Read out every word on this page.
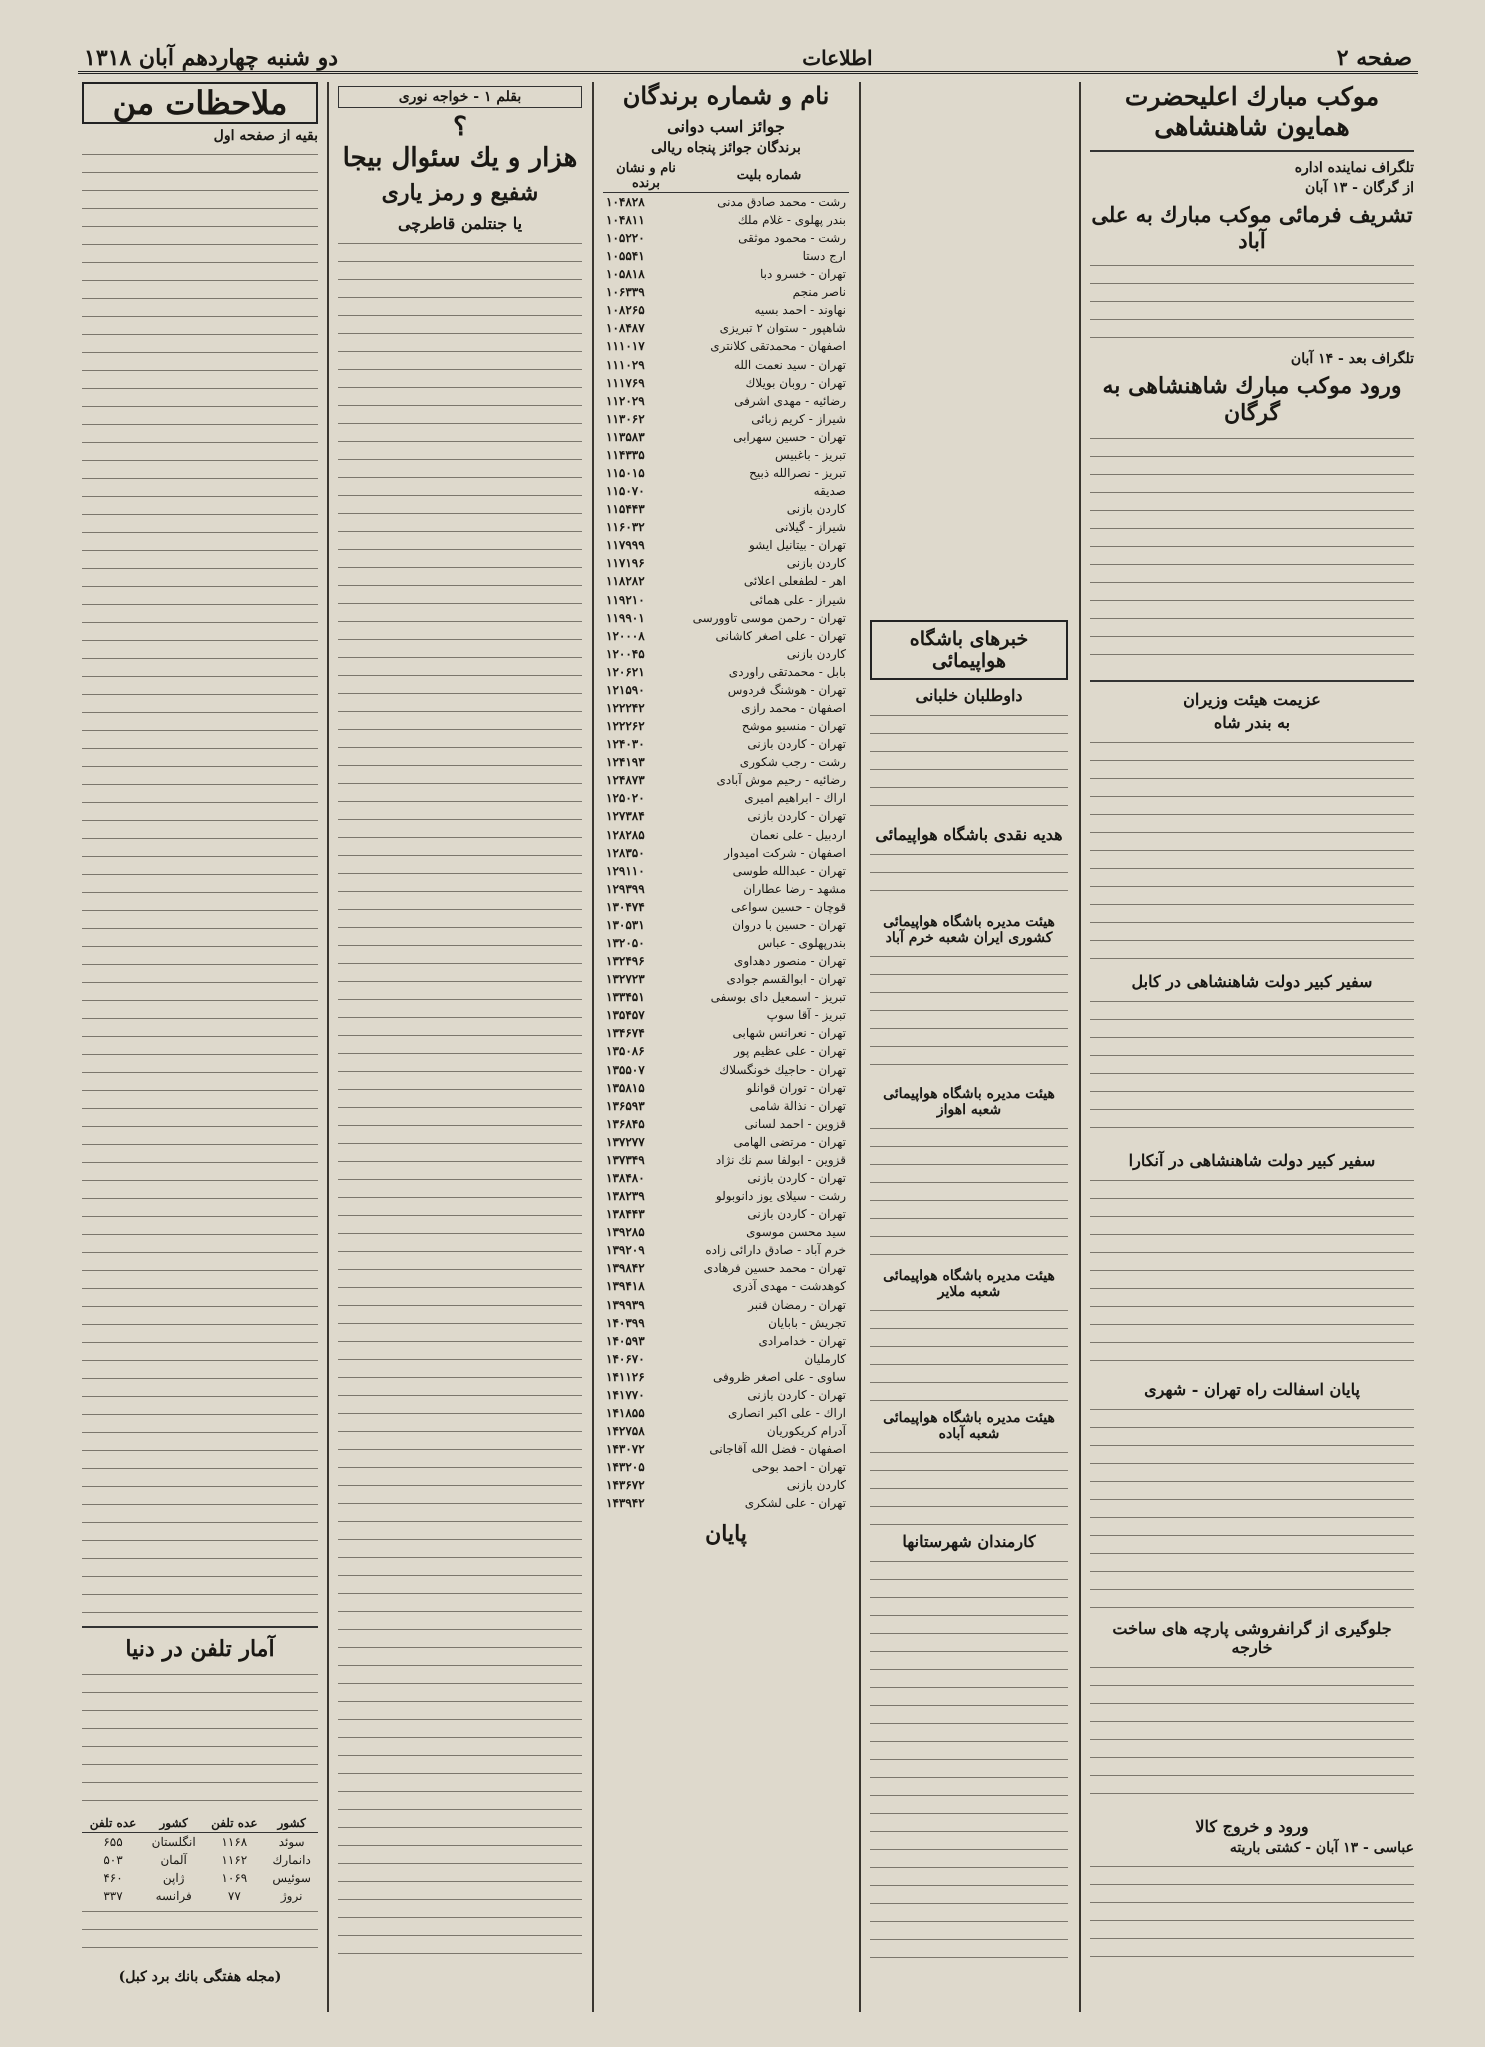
صفحه ۲
اطلاعات
دو شنبه چهاردهم آبان ۱۳۱۸
موکب مبارك اعليحضرت همايون شاهنشاهى
تلگراف نماينده اداره
از گرگان - ۱۳ آبان
تشريف فرمائى موكب مبارك به على آباد
تلگراف بعد - ۱۴ آبان
ورود موكب مبارك شاهنشاهى به گرگان
عزيمت هيئت وزيران
به بندر شاه
سفير كبير دولت شاهنشاهى در كابل
سفير كبير دولت شاهنشاهى در آنكارا
پايان اسفالت راه تهران - شهرى
جلوگيرى از گرانفروشى پارچه هاى ساخت خارجه
ورود و خروج كالا
عباسى - ۱۳ آبان - كشتى باريته
خبرهاى باشگاه هواپيمائى
داوطلبان خلبانى
هديه نقدى باشگاه هواپيمائى
هيئت مديره باشگاه هواپيمائى كشورى ايران شعبه خرم آباد
هيئت مديره باشگاه هواپيمائى شعبه اهواز
هيئت مديره باشگاه هواپيمائى شعبه ملاير
هيئت مديره باشگاه هواپيمائى شعبه آباده
كارمندان شهرستانها
نام و شماره برندگان
جوائز اسب دوانى
برندگان جوائز پنجاه ريالى
شماره بليت	نام و نشان برنده
رشت - محمد صادق مدنى	۱۰۴۸۲۸
بندر پهلوى - غلام ملك	۱۰۴۸۱۱
رشت - محمود موثقى	۱۰۵۲۲۰
ارج دستا	۱۰۵۵۴۱
تهران - خسرو دبا	۱۰۵۸۱۸
ناصر منجم	۱۰۶۳۳۹
نهاوند - احمد بسيه	۱۰۸۲۶۵
شاهپور - ستوان ۲ تبريزى	۱۰۸۴۸۷
اصفهان - محمدتقى كلانترى	۱۱۱۰۱۷
تهران - سيد نعمت الله	۱۱۱۰۲۹
تهران - روبان بويلاك	۱۱۱۷۶۹
رضائيه - مهدى اشرفى	۱۱۲۰۲۹
شيراز - كريم زبائى	۱۱۳۰۶۲
تهران - حسين سهرابى	۱۱۳۵۸۳
تبريز - باغبيس	۱۱۴۳۳۵
تبريز - نصرالله ذبيح	۱۱۵۰۱۵
صديقه	۱۱۵۰۷۰
كاردن بازنى	۱۱۵۴۴۳
شيراز - گيلانى	۱۱۶۰۳۲
تهران - بيتانيل ايشو	۱۱۷۹۹۹
كاردن بازنى	۱۱۷۱۹۶
اهر - لطفعلى اعلائى	۱۱۸۲۸۲
شيراز - على همائى	۱۱۹۲۱۰
تهران - رحمن موسى تاوورسى	۱۱۹۹۰۱
تهران - على اصغر كاشانى	۱۲۰۰۰۸
كاردن بازنى	۱۲۰۰۴۵
بابل - محمدتقى راوردى	۱۲۰۶۲۱
تهران - هوشنگ فردوس	۱۲۱۵۹۰
اصفهان - محمد رازى	۱۲۲۲۴۲
تهران - منسيو موشح	۱۲۲۲۶۲
تهران - كاردن بازنى	۱۲۴۰۳۰
رشت - رجب شكورى	۱۲۴۱۹۳
رضائيه - رحيم موش آبادى	۱۲۴۸۷۳
اراك - ابراهيم اميرى	۱۲۵۰۲۰
تهران - كاردن بازنى	۱۲۷۳۸۴
اردبيل - على نعمان	۱۲۸۲۸۵
اصفهان - شركت اميدوار	۱۲۸۳۵۰
تهران - عبدالله طوسى	۱۲۹۱۱۰
مشهد - رضا عطاران	۱۲۹۳۹۹
قوچان - حسين سواعى	۱۳۰۴۷۴
تهران - حسين با دروان	۱۳۰۵۳۱
بندرپهلوى - عباس	۱۳۲۰۵۰
تهران - منصور دهداوى	۱۳۲۴۹۶
تهران - ابوالقسم جوادى	۱۳۲۷۲۳
تبريز - اسمعيل داى بوسفى	۱۳۳۴۵۱
تبريز - آقا سوپ	۱۳۵۴۵۷
تهران - نعرانس شهابى	۱۳۴۶۷۴
تهران - على عظيم پور	۱۳۵۰۸۶
تهران - حاجيك خونگسلاك	۱۳۵۵۰۷
تهران - توران قوانلو	۱۳۵۸۱۵
تهران - نذالة شامى	۱۳۶۵۹۳
قزوين - احمد لسانى	۱۳۶۸۴۵
تهران - مرتضى الهامى	۱۳۷۲۷۷
قزوين - ابولفا سم نك نژاد	۱۳۷۳۴۹
تهران - كاردن بازنى	۱۳۸۴۸۰
رشت - سيلاى يوز دانوبولو	۱۳۸۲۳۹
تهران - كاردن بازنى	۱۳۸۴۴۳
سيد محسن موسوى	۱۳۹۲۸۵
خرم آباد - صادق دارائى زاده	۱۳۹۲۰۹
تهران - محمد حسين فرهادى	۱۳۹۸۴۲
كوهدشت - مهدى آذرى	۱۳۹۴۱۸
تهران - رمضان قنبر	۱۳۹۹۳۹
تجريش - بابايان	۱۴۰۳۹۹
تهران - خدامرادى	۱۴۰۵۹۳
كارمليان	۱۴۰۶۷۰
ساوى - على اصغر ظروفى	۱۴۱۱۲۶
تهران - كاردن بازنى	۱۴۱۷۷۰
اراك - على اكبر انصارى	۱۴۱۸۵۵
آدرام كريكوريان	۱۴۲۷۵۸
اصفهان - فضل الله آقاجانى	۱۴۳۰۷۲
تهران - احمد بوحى	۱۴۳۲۰۵
كاردن بازنى	۱۴۳۶۷۲
تهران - على لشكرى	۱۴۳۹۴۲
پايان
بقلم ۱ - خواجه نورى
؟
هزار و يك سئوال بيجا
شفيع و رمز يارى
يا جنتلمن قاطرچى
ملاحظات من
بقيه از صفحه اول
آمار تلفن در دنيا
كشور	عده تلفن	كشور	عده تلفن
سوئد	۱۱۶۸	انگلستان	۶۵۵
دانمارك	۱۱۶۲	آلمان	۵۰۳
سوئيس	۱۰۶۹	ژاپن	۴۶۰
نروژ	۷۷	فرانسه	۳۳۷
(مجله هفتگى بانك برد كبل)
